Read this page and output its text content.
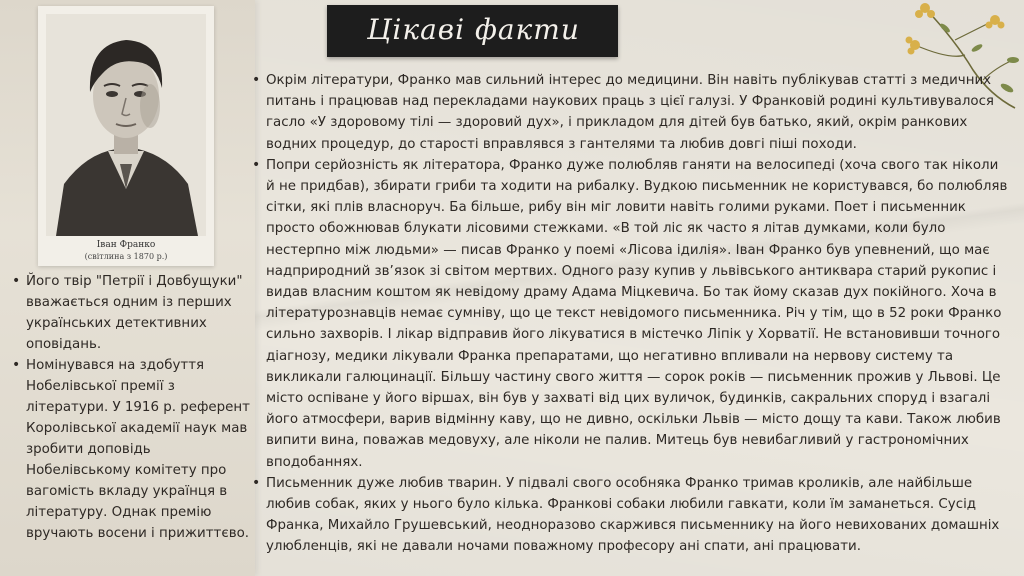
Іван Франко
(світлина з 1870 р.)
Цікаві факти
• Окрім літератури, Франко мав сильний інтерес до медицини. Він навіть публікував статті з медичних питань і працював над перекладами наукових праць з цієї галузі. У Франковій родині культивувалося гасло «У здоровому тілі — здоровий дух», і прикладом для дітей був батько, який, окрім ранкових водних процедур, до старості вправлявся з гантелями та любив довгі піші походи.
• Попри серйозність як літератора, Франко дуже полюбляв ганяти на велосипеді (хоча свого так ніколи й не придбав), збирати гриби та ходити на рибалку. Вудкою письменник не користувався, бо полюбляв сітки, які плів власноруч. Ба більше, рибу він міг ловити навіть голими руками. Поет і письменник просто обожнював блукати лісовими стежками. «В той ліс як часто я літав думками, коли було нестерпно між людьми» — писав Франко у поемі «Лісова ідилія». Іван Франко був упевнений, що має надприродний зв’язок зі світом мертвих. Одного разу купив у львівського антиквара старий рукопис і видав власним коштом як невідому драму Адама Міцкевича. Бо так йому сказав дух покійного. Хоча в літературознавців немає сумніву, що це текст невідомого письменника. Річ у тім, що в 52 роки Франко сильно захворів. І лікар відправив його лікуватися в містечко Ліпік у Хорватії. Не встановивши точного діагнозу, медики лікували Франка препаратами, що негативно впливали на нервову систему та викликали галюцинації. Більшу частину свого життя — сорок років — письменник прожив у Львові. Це місто оспіване у його віршах, він був у захваті від цих вуличок, будинків, сакральних споруд і взагалі його атмосфери, варив відмінну каву, що не дивно, оскільки Львів — місто дощу та кави. Також любив випити вина, поважав медовуху, але ніколи не палив. Митець був невибагливий у гастрономічних вподобаннях.
• Письменник дуже любив тварин. У підвалі свого особняка Франко тримав кроликів, але найбільше любив собак, яких у нього було кілька. Франкові собаки любили гавкати, коли їм заманеться. Сусід Франка, Михайло Грушевський, неодноразово скаржився письменнику на його невихованих домашніх улюбленців, які не давали ночами поважному професору ані спати, ані працювати.
• Його твір "Петрії і Довбущуки" вважається одним із перших українських детективних оповідань.
• Номінувався на здобуття Нобелівської премії з літератури. У 1916 р. референт Королівської академії наук мав зробити доповідь Нобелівському комітету про вагомість вкладу українця в літературу. Однак премію вручають восени і прижиттєво.
